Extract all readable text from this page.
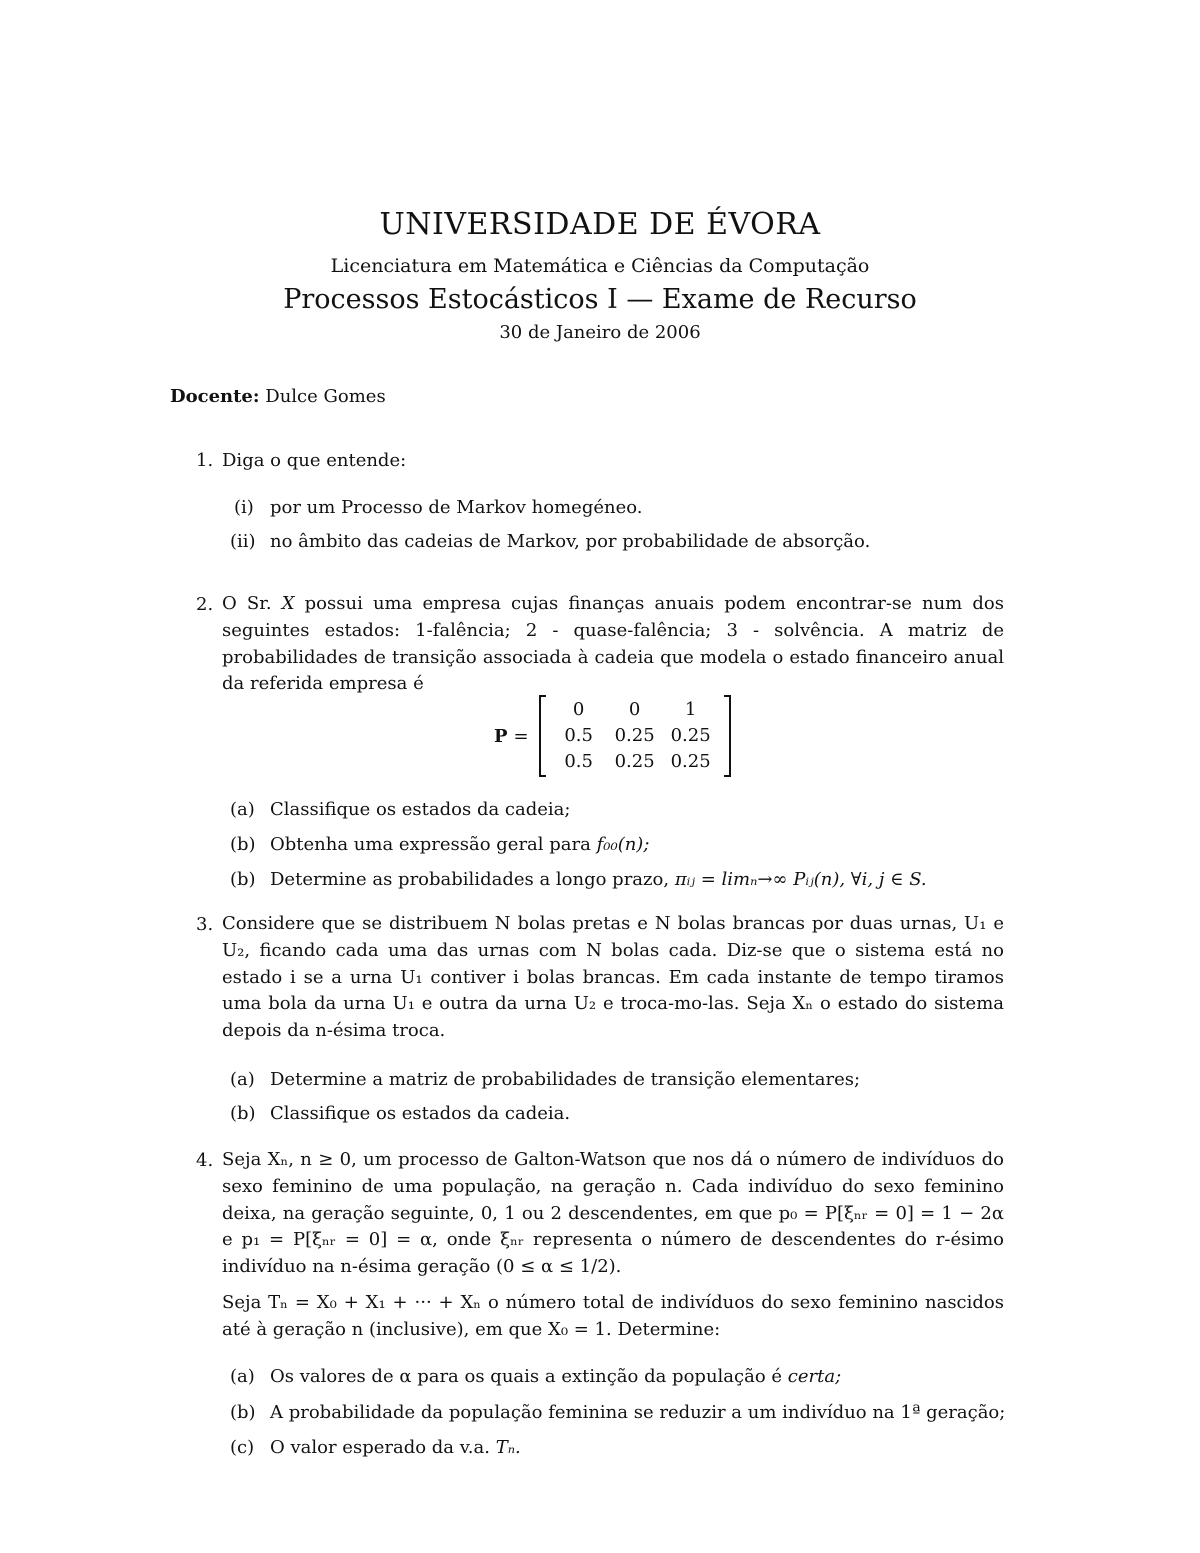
UNIVERSIDADE DE ÉVORA
Licenciatura em Matemática e Ciências da Computação
Processos Estocásticos I — Exame de Recurso
30 de Janeiro de 2006
Docente: Dulce Gomes
1. Diga o que entende:
(i) por um Processo de Markov homegéneo.
(ii) no âmbito das cadeias de Markov, por probabilidade de absorção.
2. O Sr. X possui uma empresa cujas finanças anuais podem encontrar-se num dos seguintes estados: 1-falência; 2 - quase-falência; 3 - solvência. A matriz de probabilidades de transição associada à cadeia que modela o estado financeiro anual da referida empresa é
P =
0	0	1
0.5	0.25	0.25
0.5	0.25	0.25
(a) Classifique os estados da cadeia;
(b) Obtenha uma expressão geral para f₀₀(n);
(b) Determine as probabilidades a longo prazo, πᵢⱼ = limₙ→∞ Pᵢⱼ(n), ∀i, j ∈ S.
3. Considere que se distribuem N bolas pretas e N bolas brancas por duas urnas, U₁ e U₂, ficando cada uma das urnas com N bolas cada. Diz-se que o sistema está no estado i se a urna U₁ contiver i bolas brancas. Em cada instante de tempo tiramos uma bola da urna U₁ e outra da urna U₂ e troca-mo-las. Seja Xₙ o estado do sistema depois da n-ésima troca.
(a) Determine a matriz de probabilidades de transição elementares;
(b) Classifique os estados da cadeia.
4. Seja Xₙ, n ≥ 0, um processo de Galton-Watson que nos dá o número de indivíduos do sexo feminino de uma população, na geração n. Cada indivíduo do sexo feminino deixa, na geração seguinte, 0, 1 ou 2 descendentes, em que p₀ = P[ξₙᵣ = 0] = 1 − 2α e p₁ = P[ξₙᵣ = 0] = α, onde ξₙᵣ representa o número de descendentes do r-ésimo indivíduo na n-ésima geração (0 ≤ α ≤ 1/2).
Seja Tₙ = X₀ + X₁ + ··· + Xₙ o número total de indivíduos do sexo feminino nascidos até à geração n (inclusive), em que X₀ = 1. Determine:
(a) Os valores de α para os quais a extinção da população é certa;
(b) A probabilidade da população feminina se reduzir a um indivíduo na 1ª geração;
(c) O valor esperado da v.a. Tₙ.
